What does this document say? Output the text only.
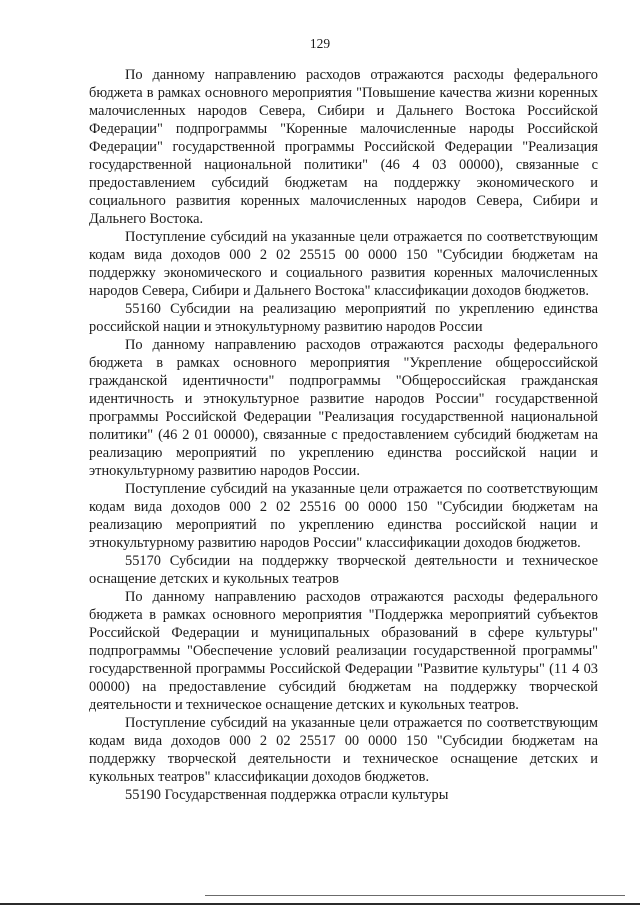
129

По данному направлению расходов отражаются расходы федерального бюджета в рамках основного мероприятия "Повышение качества жизни коренных малочисленных народов Севера, Сибири и Дальнего Востока Российской Федерации" подпрограммы "Коренные малочисленные народы Российской Федерации" государственной программы Российской Федерации "Реализация государственной национальной политики" (46 4 03 00000), связанные с предоставлением субсидий бюджетам на поддержку экономического и социального развития коренных малочисленных народов Севера, Сибири и Дальнего Востока.

Поступление субсидий на указанные цели отражается по соответствующим кодам вида доходов 000 2 02 25515 00 0000 150 "Субсидии бюджетам на поддержку экономического и социального развития коренных малочисленных народов Севера, Сибири и Дальнего Востока" классификации доходов бюджетов.

55160 Субсидии на реализацию мероприятий по укреплению единства российской нации и этнокультурному развитию народов России

По данному направлению расходов отражаются расходы федерального бюджета в рамках основного мероприятия "Укрепление общероссийской гражданской идентичности" подпрограммы "Общероссийская гражданская идентичность и этнокультурное развитие народов России" государственной программы Российской Федерации "Реализация государственной национальной политики" (46 2 01 00000), связанные с предоставлением субсидий бюджетам на реализацию мероприятий по укреплению единства российской нации и этнокультурному развитию народов России.

Поступление субсидий на указанные цели отражается по соответствующим кодам вида доходов 000 2 02 25516 00 0000 150 "Субсидии бюджетам на реализацию мероприятий по укреплению единства российской нации и этнокультурному развитию народов России" классификации доходов бюджетов.

55170 Субсидии на поддержку творческой деятельности и техническое оснащение детских и кукольных театров

По данному направлению расходов отражаются расходы федерального бюджета в рамках основного мероприятия "Поддержка мероприятий субъектов Российской Федерации и муниципальных образований в сфере культуры" подпрограммы "Обеспечение условий реализации государственной программы" государственной программы Российской Федерации "Развитие культуры" (11 4 03 00000) на предоставление субсидий бюджетам на поддержку творческой деятельности и техническое оснащение детских и кукольных театров.

Поступление субсидий на указанные цели отражается по соответствующим кодам вида доходов 000 2 02 25517 00 0000 150 "Субсидии бюджетам на поддержку творческой деятельности и техническое оснащение детских и кукольных театров" классификации доходов бюджетов.

55190 Государственная поддержка отрасли культуры
